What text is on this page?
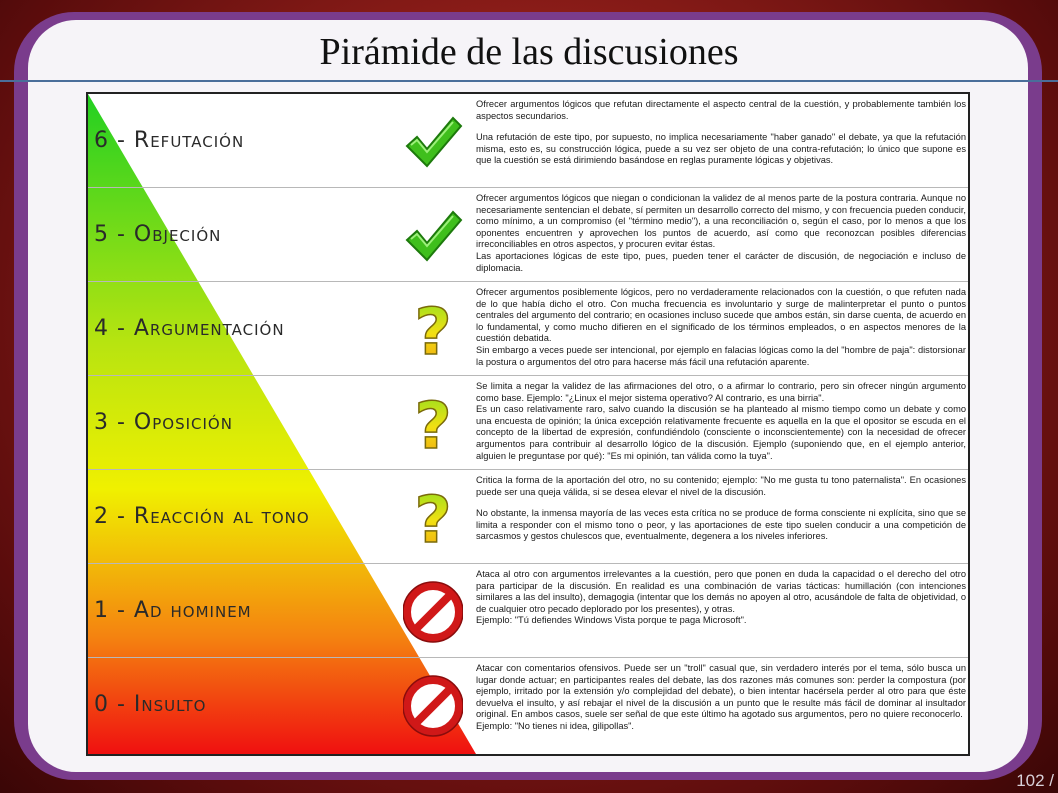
Pirámide de las discusiones
6 - Refutación

Ofrecer argumentos lógicos que refutan directamente el aspecto central de la cuestión, y probablemente también los aspectos secundarios.

Una refutación de este tipo, por supuesto, no implica necesariamente "haber ganado" el debate, ya que la refutación misma, esto es, su construcción lógica, puede a su vez ser objeto de una contra-refutación; lo único que supone es que la cuestión se está dirimiendo basándose en reglas puramente lógicas y objetivas.

5 - Objeción

Ofrecer argumentos lógicos que niegan o condicionan la validez de al menos parte de la postura contraria. Aunque no necesariamente sentencian el debate, sí permiten un desarrollo correcto del mismo, y con frecuencia pueden conducir, como mínimo, a un compromiso (el "término medio"), a una reconciliación o, según el caso, por lo menos a que los oponentes encuentren y aprovechen los puntos de acuerdo, así como que reconozcan posibles diferencias irreconciliables en otros aspectos, y procuren evitar éstas.

Las aportaciones lógicas de este tipo, pues, pueden tener el carácter de discusión, de negociación e incluso de diplomacia.

4 - Argumentación ?

Ofrecer argumentos posiblemente lógicos, pero no verdaderamente relacionados con la cuestión, o que refuten nada de lo que había dicho el otro. Con mucha frecuencia es involuntario y surge de malinterpretar el punto o puntos centrales del argumento del contrario; en ocasiones incluso sucede que ambos están, sin darse cuenta, de acuerdo en lo fundamental, y como mucho difieren en el significado de los términos empleados, o en aspectos menores de la cuestión debatida.

Sin embargo a veces puede ser intencional, por ejemplo en falacias lógicas como la del "hombre de paja": distorsionar la postura o argumentos del otro para hacerse más fácil una refutación aparente.

3 - Oposición	?

Se limita a negar la validez de las afirmaciones del otro, o a afirmar lo contrario, pero sin ofrecer ningún argumento como base. Ejemplo: "¿Linux el mejor sistema operativo? Al contrario, es una birria".

Es un caso relativamente raro, salvo cuando la discusión se ha planteado al mismo tiempo como un debate y como una encuesta de opinión; la única excepción relativamente frecuente es aquella en la que el opositor se escuda en el concepto de la libertad de expresión, confundiéndolo (consciente o inconscientemente) con la necesidad de ofrecer argumentos para contribuir al desarrollo lógico de la discusión. Ejemplo (suponiendo que, en el ejemplo anterior, alguien le preguntase por qué): "Es mi opinión, tan válida como la tuya".

2 - Reacción al tono ?

Critica la forma de la aportación del otro, no su contenido; ejemplo: "No me gusta tu tono paternalista". En ocasiones puede ser una queja válida, si se desea elevar el nivel de la discusión.

No obstante, la inmensa mayoría de las veces esta crítica no se produce de forma consciente ni explícita, sino que se limita a responder con el mismo tono o peor, y las aportaciones de este tipo suelen conducir a una competición de sarcasmos y gestos chulescos que, eventualmente, degenera a los niveles inferiores.

1 - Ad hominem

Ataca al otro con argumentos irrelevantes a la cuestión, pero que ponen en duda la capacidad o el derecho del otro para participar de la discusión. En realidad es una combinación de varias tácticas: humillación (con intenciones similares a las del insulto), demagogia (intentar que los demás no apoyen al otro, acusándole de falta de objetividad, o de cualquier otro pecado deplorado por los presentes), y otras.

Ejemplo: "Tú defiendes Windows Vista porque te paga Microsoft".

0 - Insulto

Atacar con comentarios ofensivos. Puede ser un "troll" casual que, sin verdadero interés por el tema, sólo busca un lugar donde actuar; en participantes reales del debate, las dos razones más comunes son: perder la compostura (por ejemplo, irritado por la extensión y/o complejidad del debate), o bien intentar hacérsela perder al otro para que éste devuelva el insulto, y así rebajar el nivel de la discusión a un punto que le resulte más fácil de dominar al insultador original. En ambos casos, suele ser señal de que este último ha agotado sus argumentos, pero no quiere reconocerlo.

Ejemplo: "No tienes ni idea, gilipollas".

102 /
